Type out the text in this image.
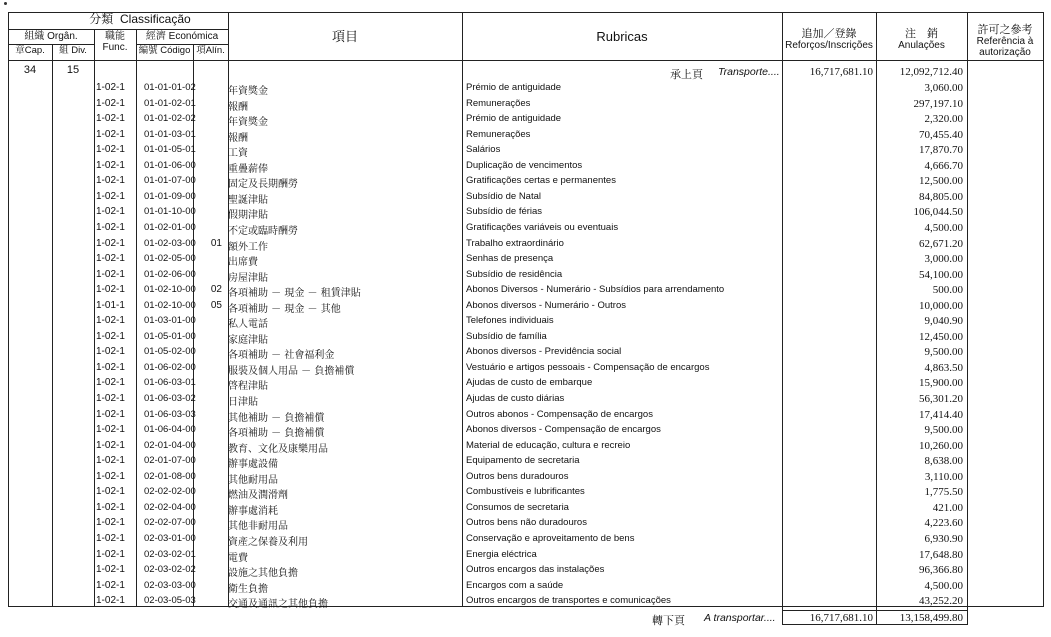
分類 Classificação
組織 Orgân.
章Cap.	組 Div.
職能
Func.
經濟 Económica
編號 Código 項Alín.
項目	Rubricas	追加／登錄
Reforços/Inscrições
注　銷
Anulações
許可之參考
Referência à
autorização
34	15	承上頁 Transporte....	16,717,681.10 12,092,712.40
1-02-1 01-01-01-02	年資獎金	Prémio de antiguidade	3,060.00
1-02-1 01-01-02-01	報酬	Remunerações	297,197.10
1-02-1 01-01-02-02	年資獎金	Prémio de antiguidade	2,320.00
1-02-1 01-01-03-01	報酬	Remunerações	70,455.40
1-02-1 01-01-05-01	工資	Salários	17,870.70
1-02-1 01-01-06-00	重疊薪俸	Duplicação de vencimentos	4,666.70
1-02-1 01-01-07-00	固定及長期酬勞	Gratificações certas e permanentes	12,500.00
1-02-1 01-01-09-00	聖誕津貼	Subsídio de Natal	84,805.00
1-02-1 01-01-10-00	假期津貼	Subsídio de férias	106,044.50
1-02-1 01-02-01-00	不定或臨時酬勞	Gratificações variáveis ou eventuais	4,500.00
1-02-1 01-02-03-00 01 額外工作	Trabalho extraordinário	62,671.20
1-02-1 01-02-05-00	出席費	Senhas de presença	3,000.00
1-02-1 01-02-06-00	房屋津貼	Subsídio de residência	54,100.00
1-02-1 01-02-10-00 02 各項補助 － 現金 － 租賃津貼	Abonos Diversos - Numerário - Subsídios para arrendamento	500.00
1-01-1 01-02-10-00 05 各項補助 － 現金 － 其他	Abonos diversos - Numerário - Outros	10,000.00
1-02-1 01-03-01-00	私人電話	Telefones individuais	9,040.90
1-02-1 01-05-01-00	家庭津貼	Subsídio de família	12,450.00
1-02-1 01-05-02-00	各項補助 － 社會福利金	Abonos diversos - Previdência social	9,500.00
1-02-1 01-06-02-00	服裝及個人用品 － 負擔補償	Vestuário e artigos pessoais - Compensação de encargos	4,863.50
1-02-1 01-06-03-01	啓程津貼	Ajudas de custo de embarque	15,900.00
1-02-1 01-06-03-02	日津貼	Ajudas de custo diárias	56,301.20
1-02-1 01-06-03-03	其他補助 － 負擔補償	Outros abonos - Compensação de encargos	17,414.40
1-02-1 01-06-04-00	各項補助 － 負擔補償	Abonos diversos - Compensação de encargos	9,500.00
1-02-1 02-01-04-00	教育、文化及康樂用品	Material de educação, cultura e recreio	10,260.00
1-02-1 02-01-07-00	辦事處設備	Equipamento de secretaria	8,638.00
1-02-1 02-01-08-00	其他耐用品	Outros bens duradouros	3,110.00
1-02-1 02-02-02-00	燃油及潤滑劑	Combustíveis e lubrificantes	1,775.50
1-02-1 02-02-04-00	辦事處消耗	Consumos de secretaria	421.00
1-02-1 02-02-07-00	其他非耐用品	Outros bens não duradouros	4,223.60
1-02-1 02-03-01-00	資產之保養及利用	Conservação e aproveitamento de bens	6,930.90
1-02-1 02-03-02-01	電費	Energia eléctrica	17,648.80
1-02-1 02-03-02-02	設施之其他負擔	Outros encargos das instalações	96,366.80
1-02-1 02-03-03-00	衛生負擔	Encargos com a saúde	4,500.00
1-02-1 02-03-05-03	交通及通訊之其他負擔	Outros encargos de transportes e comunicações	43,252.20
轉下頁 A transportar....	16,717,681.10 13,158,499.80
